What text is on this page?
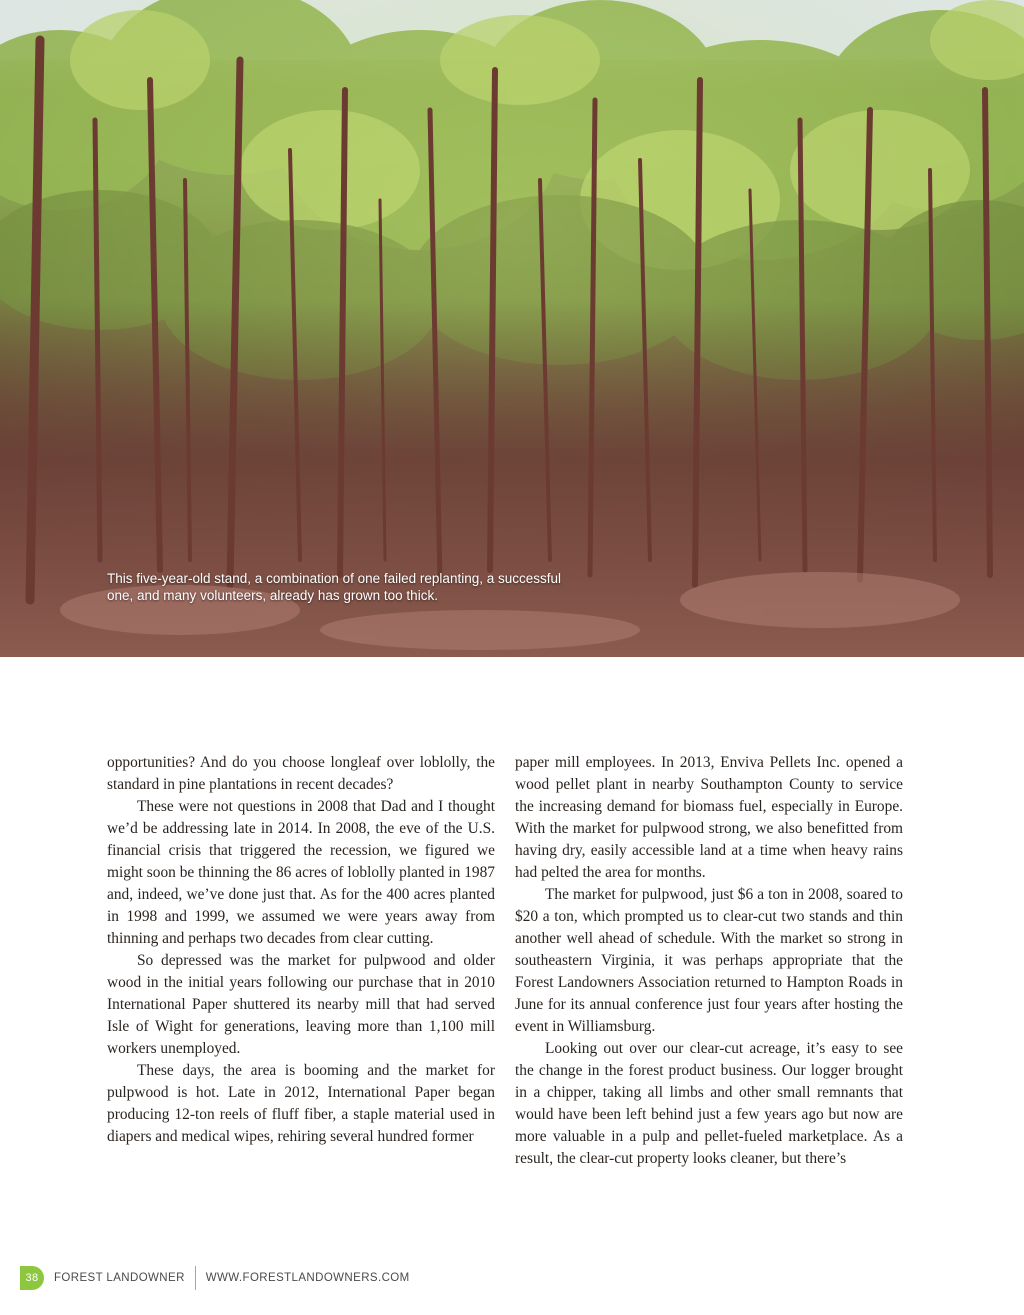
This five-year-old stand, a combination of one failed replanting, a successful one, and many volunteers, already has grown too thick.

opportunities? And do you choose longleaf over loblolly, the standard in pine plantations in recent decades?

These were not questions in 2008 that Dad and I thought we’d be addressing late in 2014. In 2008, the eve of the U.S. financial crisis that triggered the recession, we figured we might soon be thinning the 86 acres of loblolly planted in 1987 and, indeed, we’ve done just that. As for the 400 acres planted in 1998 and 1999, we assumed we were years away from thinning and perhaps two decades from clear cutting.

So depressed was the market for pulpwood and older wood in the initial years following our purchase that in 2010 International Paper shuttered its nearby mill that had served Isle of Wight for generations, leaving more than 1,100 mill workers unemployed.

These days, the area is booming and the market for pulpwood is hot. Late in 2012, International Paper began producing 12-ton reels of fluff fiber, a staple material used in diapers and medical wipes, rehiring several hundred former

paper mill employees. In 2013, Enviva Pellets Inc. opened a wood pellet plant in nearby Southampton County to service the increasing demand for biomass fuel, especially in Europe. With the market for pulpwood strong, we also benefitted from having dry, easily accessible land at a time when heavy rains had pelted the area for months.

The market for pulpwood, just $6 a ton in 2008, soared to $20 a ton, which prompted us to clear-cut two stands and thin another well ahead of schedule. With the market so strong in southeastern Virginia, it was perhaps appropriate that the Forest Landowners Association returned to Hampton Roads in June for its annual conference just four years after hosting the event in Williamsburg.

Looking out over our clear-cut acreage, it’s easy to see the change in the forest product business. Our logger brought in a chipper, taking all limbs and other small remnants that would have been left behind just a few years ago but now are more valuable in a pulp and pellet-fueled marketplace. As a result, the clear-cut property looks cleaner, but there’s

38	FOREST LANDOWNER WWW.FORESTLANDOWNERS.COM
